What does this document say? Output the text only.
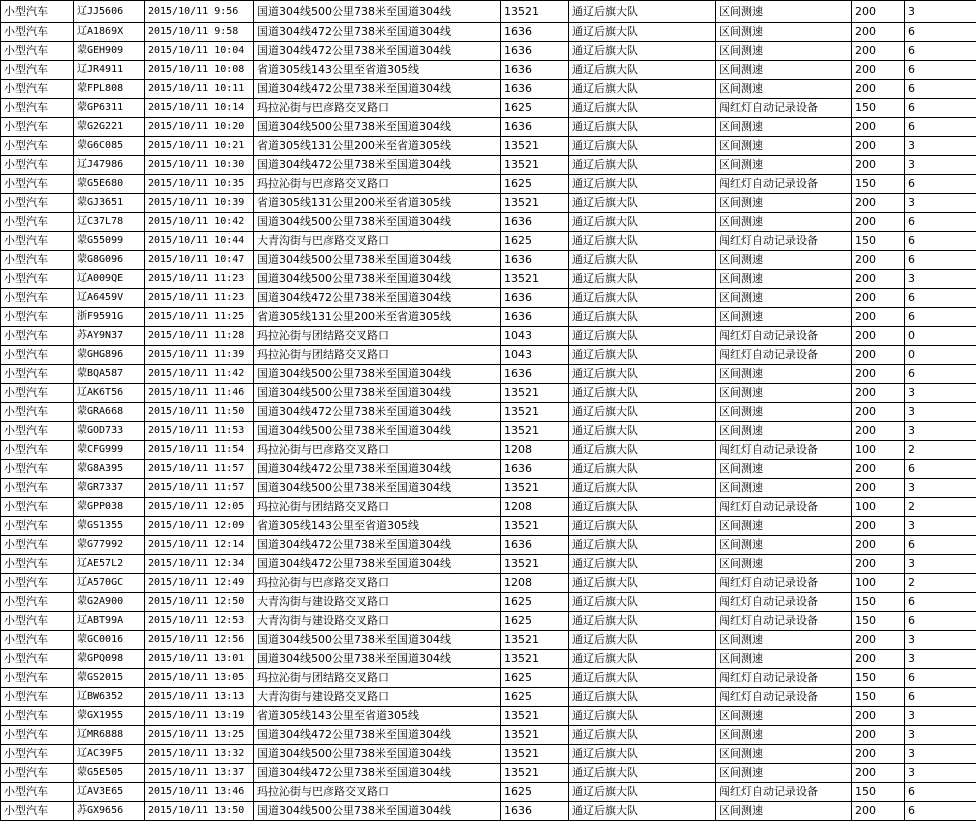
小型汽车	辽JJ5606	2015/10/11 9:56	国道304线500公里738米至国道304线	13521	通辽后旗大队	区间测速	200	3
小型汽车	辽A1869X	2015/10/11 9:58	国道304线472公里738米至国道304线	1636	通辽后旗大队	区间测速	200	6
小型汽车	蒙GEH909	2015/10/11 10:04	国道304线472公里738米至国道304线	1636	通辽后旗大队	区间测速	200	6
小型汽车	辽JR4911	2015/10/11 10:08	省道305线143公里至省道305线	1636	通辽后旗大队	区间测速	200	6
小型汽车	蒙FPL808	2015/10/11 10:11	国道304线472公里738米至国道304线	1636	通辽后旗大队	区间测速	200	6
小型汽车	蒙GP6311	2015/10/11 10:14	玛拉沁街与巴彦路交叉路口	1625	通辽后旗大队	闯红灯自动记录设备	150	6
小型汽车	蒙G2G221	2015/10/11 10:20	国道304线500公里738米至国道304线	1636	通辽后旗大队	区间测速	200	6
小型汽车	蒙G6C085	2015/10/11 10:21	省道305线131公里200米至省道305线	13521	通辽后旗大队	区间测速	200	3
小型汽车	辽J47986	2015/10/11 10:30	国道304线472公里738米至国道304线	13521	通辽后旗大队	区间测速	200	3
小型汽车	蒙G5E680	2015/10/11 10:35	玛拉沁街与巴彦路交叉路口	1625	通辽后旗大队	闯红灯自动记录设备	150	6
小型汽车	蒙GJ3651	2015/10/11 10:39	省道305线131公里200米至省道305线	13521	通辽后旗大队	区间测速	200	3
小型汽车	辽C37L78	2015/10/11 10:42	国道304线500公里738米至国道304线	1636	通辽后旗大队	区间测速	200	6
小型汽车	蒙G55099	2015/10/11 10:44	大青沟街与巴彦路交叉路口	1625	通辽后旗大队	闯红灯自动记录设备	150	6
小型汽车	蒙G8G096	2015/10/11 10:47	国道304线500公里738米至国道304线	1636	通辽后旗大队	区间测速	200	6
小型汽车	辽A009QE	2015/10/11 11:23	国道304线500公里738米至国道304线	13521	通辽后旗大队	区间测速	200	3
小型汽车	辽A6459V	2015/10/11 11:23	国道304线472公里738米至国道304线	1636	通辽后旗大队	区间测速	200	6
小型汽车	浙F9591G	2015/10/11 11:25	省道305线131公里200米至省道305线	1636	通辽后旗大队	区间测速	200	6
小型汽车	苏AY9N37	2015/10/11 11:28	玛拉沁街与团结路交叉路口	1043	通辽后旗大队	闯红灯自动记录设备	200	0
小型汽车	蒙GHG896	2015/10/11 11:39	玛拉沁街与团结路交叉路口	1043	通辽后旗大队	闯红灯自动记录设备	200	0
小型汽车	蒙BQA587	2015/10/11 11:42	国道304线500公里738米至国道304线	1636	通辽后旗大队	区间测速	200	6
小型汽车	辽AK6T56	2015/10/11 11:46	国道304线500公里738米至国道304线	13521	通辽后旗大队	区间测速	200	3
小型汽车	蒙GRA668	2015/10/11 11:50	国道304线472公里738米至国道304线	13521	通辽后旗大队	区间测速	200	3
小型汽车	蒙GOD733	2015/10/11 11:53	国道304线500公里738米至国道304线	13521	通辽后旗大队	区间测速	200	3
小型汽车	蒙CFG999	2015/10/11 11:54	玛拉沁街与巴彦路交叉路口	1208	通辽后旗大队	闯红灯自动记录设备	100	2
小型汽车	蒙G8A395	2015/10/11 11:57	国道304线472公里738米至国道304线	1636	通辽后旗大队	区间测速	200	6
小型汽车	蒙GR7337	2015/10/11 11:57	国道304线500公里738米至国道304线	13521	通辽后旗大队	区间测速	200	3
小型汽车	蒙GPP038	2015/10/11 12:05	玛拉沁街与团结路交叉路口	1208	通辽后旗大队	闯红灯自动记录设备	100	2
小型汽车	蒙GS1355	2015/10/11 12:09	省道305线143公里至省道305线	13521	通辽后旗大队	区间测速	200	3
小型汽车	蒙G77992	2015/10/11 12:14	国道304线472公里738米至国道304线	1636	通辽后旗大队	区间测速	200	6
小型汽车	辽AE57L2	2015/10/11 12:34	国道304线472公里738米至国道304线	13521	通辽后旗大队	区间测速	200	3
小型汽车	辽A570GC	2015/10/11 12:49	玛拉沁街与巴彦路交叉路口	1208	通辽后旗大队	闯红灯自动记录设备	100	2
小型汽车	蒙G2A900	2015/10/11 12:50	大青沟街与建设路交叉路口	1625	通辽后旗大队	闯红灯自动记录设备	150	6
小型汽车	辽ABT99A	2015/10/11 12:53	大青沟街与建设路交叉路口	1625	通辽后旗大队	闯红灯自动记录设备	150	6
小型汽车	蒙GC0016	2015/10/11 12:56	国道304线500公里738米至国道304线	13521	通辽后旗大队	区间测速	200	3
小型汽车	蒙GPQ098	2015/10/11 13:01	国道304线500公里738米至国道304线	13521	通辽后旗大队	区间测速	200	3
小型汽车	蒙GS2015	2015/10/11 13:05	玛拉沁街与团结路交叉路口	1625	通辽后旗大队	闯红灯自动记录设备	150	6
小型汽车	辽BW6352	2015/10/11 13:13	大青沟街与建设路交叉路口	1625	通辽后旗大队	闯红灯自动记录设备	150	6
小型汽车	蒙GX1955	2015/10/11 13:19	省道305线143公里至省道305线	13521	通辽后旗大队	区间测速	200	3
小型汽车	辽MR6888	2015/10/11 13:25	国道304线472公里738米至国道304线	13521	通辽后旗大队	区间测速	200	3
小型汽车	辽AC39F5	2015/10/11 13:32	国道304线500公里738米至国道304线	13521	通辽后旗大队	区间测速	200	3
小型汽车	蒙G5E505	2015/10/11 13:37	国道304线472公里738米至国道304线	13521	通辽后旗大队	区间测速	200	3
小型汽车	辽AV3E65	2015/10/11 13:46	玛拉沁街与巴彦路交叉路口	1625	通辽后旗大队	闯红灯自动记录设备	150	6
小型汽车	苏GX9656	2015/10/11 13:50	国道304线500公里738米至国道304线	1636	通辽后旗大队	区间测速	200	6
